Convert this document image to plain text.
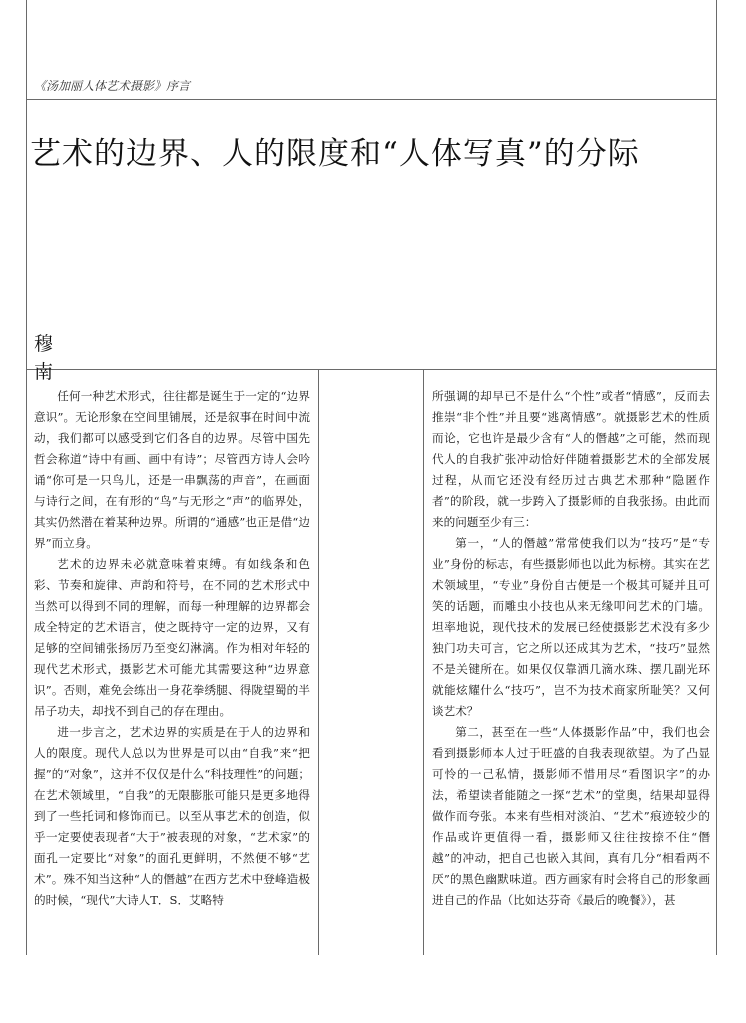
《汤加丽人体艺术摄影》序言
艺术的边界、人的限度和“人体写真”的分际
穆
南

任何一种艺术形式，往往都是诞生于一定的“边界意识”。无论形象在空间里铺展，还是叙事在时间中流动，我们都可以感受到它们各自的边界。尽管中国先哲会称道“诗中有画、画中有诗”；尽管西方诗人会吟诵“你可是一只鸟儿，还是一串飘荡的声音”，在画面与诗行之间，在有形的“鸟”与无形之“声”的临界处，其实仍然潜在着某种边界。所谓的“通感”也正是借“边界”而立身。

艺术的边界未必就意味着束缚。有如线条和色彩、节奏和旋律、声韵和符号，在不同的艺术形式中当然可以得到不同的理解，而每一种理解的边界都会成全特定的艺术语言，使之既持守一定的边界，又有足够的空间铺张扬厉乃至变幻淋漓。作为相对年轻的现代艺术形式，摄影艺术可能尤其需要这种“边界意识”。否则，难免会练出一身花拳绣腿、得陇望蜀的半吊子功夫，却找不到自己的存在理由。

进一步言之，艺术边界的实质是在于人的边界和人的限度。现代人总以为世界是可以由“自我”来“把握”的“对象”，这并不仅仅是什么“科技理性”的问题；在艺术领域里，“自我”的无限膨胀可能只是更多地得到了一些托词和修饰而已。以至从事艺术的创造，似乎一定要使表现者“大于”被表现的对象，“艺术家”的面孔一定要比“对象”的面孔更鲜明，不然便不够“艺术”。殊不知当这种“人的僭越”在西方艺术中登峰造极的时候，“现代”大诗人T．S．艾略特

所强调的却早已不是什么“个性”或者“情感”，反而去推崇“非个性”并且要“逃离情感”。就摄影艺术的性质而论，它也许是最少含有“人的僭越”之可能，然而现代人的自我扩张冲动恰好伴随着摄影艺术的全部发展过程，从而它还没有经历过古典艺术那种“隐匿作者”的阶段，就一步跨入了摄影师的自我张扬。由此而来的问题至少有三：

第一，“人的僭越”常常使我们以为“技巧”是“专业”身份的标志，有些摄影师也以此为标榜。其实在艺术领域里，“专业”身份自古便是一个极其可疑并且可笑的话题，而雕虫小技也从来无缘叩问艺术的门墙。坦率地说，现代技术的发展已经使摄影艺术没有多少独门功夫可言，它之所以还成其为艺术，“技巧”显然不是关键所在。如果仅仅靠洒几滴水珠、摆几副光环就能炫耀什么“技巧”，岂不为技术商家所耻笑？又何谈艺术？

第二，甚至在一些“人体摄影作品”中，我们也会看到摄影师本人过于旺盛的自我表现欲望。为了凸显可怜的一己私情，摄影师不惜用尽“看图识字”的办法，希望读者能随之一探“艺术”的堂奥，结果却显得做作而夸张。本来有些相对淡泊、“艺术”痕迹较少的作品或许更值得一看，摄影师又往往按捺不住“僭越”的冲动，把自己也嵌入其间，真有几分“相看两不厌”的黑色幽默味道。西方画家有时会将自己的形象画进自己的作品（比如达芬奇《最后的晚餐》），甚
